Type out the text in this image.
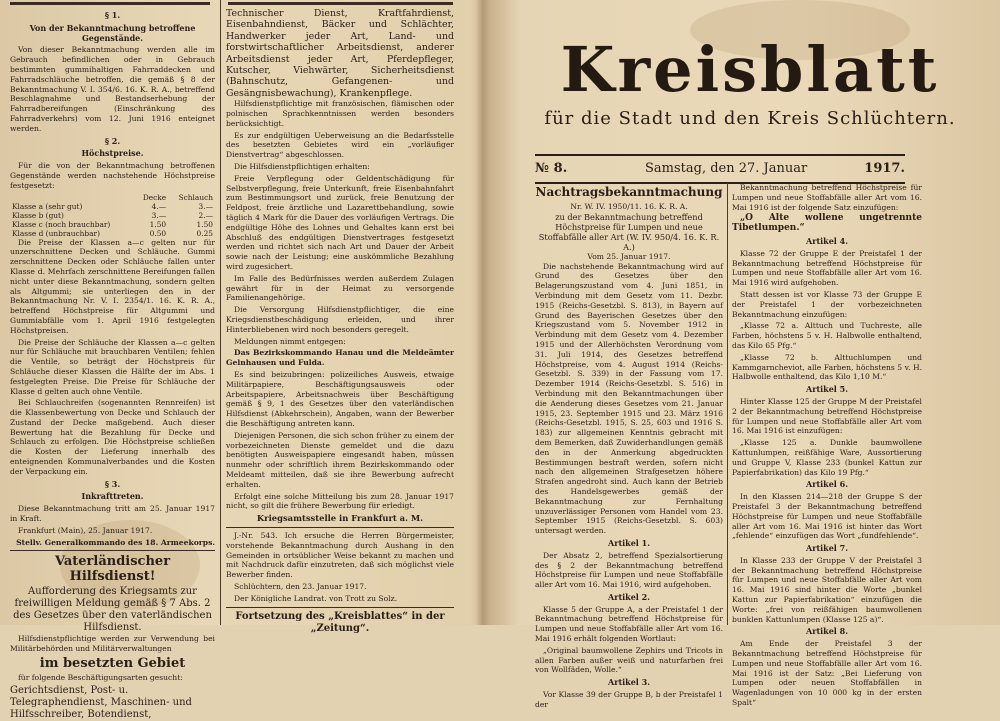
§ 1.
Von der Bekanntmachung betroffene Gegenstände.

Von dieser Bekanntmachung werden alle im Gebrauch befindlichen oder in Gebrauch bestimmten gummihaltigen Fahrraddecken und Fahrradschläuche betroffen, die gemäß § 8 der Bekanntmachung V. I. 354/6. 16. K. R. A., betreffend Beschlagnahme und Bestandserhebung der Fahrradbereifungen (Einschränkung des Fahrradverkehrs) vom 12. Juni 1916 enteignet werden.

§ 2.
Höchstpreise.

Für die von der Bekanntmachung betroffenen Gegenstände werden nachstehende Höchstpreise festgesetzt:

	Decke	Schlauch
Klasse a (sehr gut)	4.—	3.—
Klasse b (gut)	3.—	2.—
Klasse c (noch brauchbar)	1.50	1.50
Klasse d (unbrauchbar)	0.50	0.25

Die Preise der Klassen a—c gelten nur für unzerschnittene Decken und Schläuche. Gummi zerschnittene Decken oder Schläuche fallen unter Klasse d. Mehrfach zerschnittene Bereifungen fallen nicht unter diese Bekanntmachung, sondern gelten als Altgummi; sie unterliegen den in der Bekanntmachung Nr. V. I. 2354/1. 16. K. R. A., betreffend Höchstpreise für Altgummi und Gummiabfälle vom 1. April 1916 festgelegten Höchstpreisen.

Die Preise der Schläuche der Klassen a—c gelten nur für Schläuche mit brauchbaren Ventilen; fehlen die Ventile, so beträgt der Höchstpreis für Schläuche dieser Klassen die Hälfte der im Abs. 1 festgelegten Preise. Die Preise für Schläuche der Klasse d gelten auch ohne Ventile.

Bei Schlauchreifen (sogenannten Rennreifen) ist die Klassenbewertung von Decke und Schlauch der Zustand der Decke maßgebend. Auch dieser Bewertung hat die Bezahlung für Decke und Schlauch zu erfolgen. Die Höchstpreise schließen die Kosten der Lieferung innerhalb des enteignenden Kommunalverbandes und die Kosten der Verpackung ein.

§ 3.
Inkrafttreten.

Diese Bekanntmachung tritt am 25. Januar 1917 in Kraft.

Frankfurt (Main), 25. Januar 1917.

Stellv. Generalkommando des 18. Armeekorps.
Vaterländischer Hilfsdienst!
Aufforderung des Kriegsamts zur freiwilligen Meldung gemäß § 7 Abs. 2 des Gesetzes über den vaterländischen Hilfsdienst.

Hilfsdienstpflichtige werden zur Verwendung bei Militärbehörden und Militärverwaltungen

im besetzten Gebiet

für folgende Beschäftigungsarten gesucht:

Gerichtsdienst, Post- u. Telegraphendienst, Maschinen- und Hilfsschreiber, Botendienst,
Technischer Dienst, Kraftfahrdienst, Eisenbahndienst, Bäcker und Schlächter, Handwerker jeder Art, Land- und forstwirtschaftlicher Arbeitsdienst, anderer Arbeitsdienst jeder Art, Pferdepfleger, Kutscher, Viehwärter, Sicherheitsdienst (Bahnschutz, Gefangenen- und Gesängnisbewachung), Krankenpflege.

Hilfsdienstpflichtige mit französischen, flämischen oder polnischen Sprachkenntnissen werden besonders berücksichtigt.

Es zur endgültigen Ueberweisung an die Bedarfsstelle des besetzten Gebietes wird ein „vorläufiger Dienstvertrag“ abgeschlossen.

Die Hilfsdienstpflichtigen erhalten:

Freie Verpflegung oder Geldentschädigung für Selbstverpflegung, freie Unterkunft, freie Eisenbahnfahrt zum Bestimmungsort und zurück, freie Benutzung der Feldpost, freie ärztliche und Lazarettbehandlung, sowie täglich 4 Mark für die Dauer des vorläufigen Vertrags. Die endgültige Höhe des Lohnes und Gehaltes kann erst bei Abschluß des endgültigen Dienstvertrages festgesetzt werden und richtet sich nach Art und Dauer der Arbeit sowie nach der Leistung; eine auskömmliche Bezahlung wird zugesichert.

Im Falle des Bedürfnisses werden außerdem Zulagen gewährt für in der Heimat zu versorgende Familienangehörige.

Die Versorgung Hilfsdienstpflichtiger, die eine Kriegsdienstbeschädigung erleiden, und ihrer Hinterbliebenen wird noch besonders geregelt.

Meldungen nimmt entgegen:

Das Bezirkskommando Hanau und die Meldeämter Gelnhausen und Fulda.

Es sind beizubringen: polizeiliches Ausweis, etwaige Militärpapiere, Beschäftigungsausweis oder Arbeitspapiere, Arbeitsnachweis über Beschäftigung gemäß § 9, 1 des Gesetzes über den vaterländischen Hilfsdienst (Abkehrschein), Angaben, wann der Bewerber die Beschäftigung antreten kann.

Diejenigen Personen, die sich schon früher zu einem der vorbezeichneten Dienste gemeldet und die dazu benötigten Ausweispapiere eingesandt haben, müssen nunmehr oder schriftlich ihrem Bezirkskommando oder Meldeamt mitteilen, daß sie ihre Bewerbung aufrecht erhalten.

Erfolgt eine solche Mitteilung bis zum 28. Januar 1917 nicht, so gilt die frühere Bewerbung für erledigt.

Kriegsamtsstelle in Frankfurt a. M.

J.-Nr. 543. Ich ersuche die Herren Bürgermeister, vorstehende Bekanntmachung durch Aushang in den Gemeinden in ortsüblicher Weise bekannt zu machen und mit Nachdruck dafür einzutreten, daß sich möglichst viele Bewerber finden.

Schlüchtern, den 23. Januar 1917.

Der Königliche Landrat. von Trott zu Solz.

Fortsetzung des „Kreisblattes“ in der „Zeitung“.
Kreisblatt
für die Stadt und den Kreis Schlüchtern.
№ 8.	Samstag, den 27. Januar	1917.
Nachtragsbekanntmachung
Nr. W. IV. 1950/11. 16. K. R. A.
zu der Bekanntmachung betreffend Höchstpreise für Lumpen und neue Stoffabfälle aller Art (W. IV. 950/4. 16. K. R. A.)
Vom 25. Januar 1917.

Die nachstehende Bekanntmachung wird auf Grund des Gesetzes über den Belagerungszustand vom 4. Juni 1851, in Verbindung mit dem Gesetz vom 11. Dezbr. 1915 (Reichs-Gesetzbl. S. 813), in Bayern auf Grund des Bayerischen Gesetzes über den Kriegszustand vom 5. November 1912 in Verbindung mit dem Gesetz vom 4. Dezember 1915 und der Allerhöchsten Verordnung vom 31. Juli 1914, des Gesetzes betreffend Höchstpreise, vom 4. August 1914 (Reichs-Gesetzbl. S. 339) in der Fassung vom 17. Dezember 1914 (Reichs-Gesetzbl. S. 516) in Verbindung mit den Bekanntmachungen über die Aenderung dieses Gesetzes vom 21. Januar 1915, 23. September 1915 und 23. März 1916 (Reichs-Gesetzbl. 1915, S. 25, 603 und 1916 S. 183) zur allgemeinen Kenntnis gebracht mit dem Bemerken, daß Zuwiderhandlungen gemäß den in der Anmerkung abgedruckten Bestimmungen bestraft werden, sofern nicht nach den allgemeinen Strafgesetzen höhere Strafen angedroht sind. Auch kann der Betrieb des Handelsgewerbes gemäß der Bekanntmachung zur Fernhaltung unzuverlässiger Personen vom Handel vom 23. September 1915 (Reichs-Gesetzbl. S. 603) untersagt werden.

Artikel 1.

Der Absatz 2, betreffend Spezialsortierung des § 2 der Bekanntmachung betreffend Höchstpreise für Lumpen und neue Stoffabfälle aller Art vom 16. Mai 1916, wird aufgehoben.

Artikel 2.

Klasse 5 der Gruppe A, a der Preistafel 1 der Bekanntmachung betreffend Höchstpreise für Lumpen und neue Stoffabfälle aller Art vom 16. Mai 1916 erhält folgenden Wortlaut:

„Original baumwollene Zephirs und Tricots in allen Farben außer weiß und naturfarben frei von Wollfäden, Wolle.“

Artikel 3.

Vor Klasse 39 der Gruppe B, b der Preistafel 1 der

Bekanntmachung betreffend Höchstpreise für Lumpen und neue Stoffabfälle aller Art vom 16. Mai 1916 ist der folgende Satz einzufügen:

„O Alte wollene ungetrennte Tibetlumpen.“

Artikel 4.

Klasse 72 der Gruppe E der Preistafel 1 der Bekanntmachung betreffend Höchstpreise für Lumpen und neue Stoffabfälle aller Art vom 16. Mai 1916 wird aufgehoben.

Statt dessen ist vor Klasse 73 der Gruppe E der Preistafel 1 der vorbezeichneten Bekanntmachung einzufügen:

„Klasse 72 a. Alttuch und Tuchreste, alle Farben, höchstens 5 v. H. Halbwolle enthaltend, das Kilo 65 Pfg.“

„Klasse 72 b. Alttuchlumpen und Kammgarncheviot, alle Farben, höchstens 5 v. H. Halbwolle enthaltend, das Kilo 1,10 M.“

Artikel 5.

Hinter Klasse 125 der Gruppe M der Preistafel 2 der Bekanntmachung betreffend Höchstpreise für Lumpen und neue Stoffabfälle aller Art vom 16. Mai 1916 ist einzufügen:

„Klasse 125 a. Dunkle baumwollene Kattunlumpen, reißfähige Ware, Aussortierung und Gruppe V, Klasse 233 (bunkel Kattun zur Papierfabrikation) das Kilo 19 Pfg.“

Artikel 6.

In den Klassen 214—218 der Gruppe S der Preistafel 3 der Bekanntmachung betreffend Höchstpreise für Lumpen und neue Stoffabfälle aller Art vom 16. Mai 1916 ist hinter das Wort „fehlende“ einzufügen das Wort „fundfehlende“.

Artikel 7.

In Klasse 233 der Gruppe V der Preistafel 3 der Bekanntmachung betreffend Höchstpreise für Lumpen und neue Stoffabfälle aller Art vom 16. Mai 1916 sind hinter die Worte „bunkel Kattun zur Papierfabrikation“ einzufügen die Worte: „frei von reißfähigen baumwollenen bunklen Kattunlumpen (Klasse 125 a)“.

Artikel 8.

Am Ende der Preistafel 3 der Bekanntmachung betreffend Höchstpreise für Lumpen und neue Stoffabfälle aller Art vom 16. Mai 1916 ist der Satz: „Bei Lieferung von Lumpen oder neuen Stoffabfällen in Wagenladungen von 10 000 kg in der ersten Spalt“
